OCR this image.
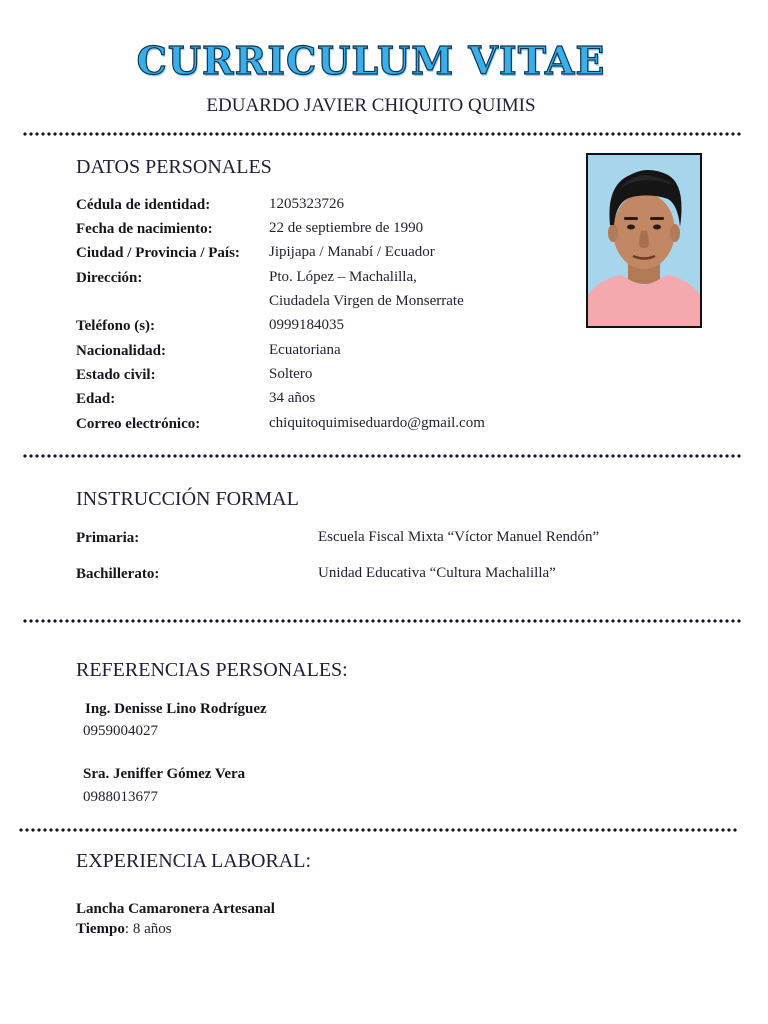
CURRICULUM VITAE
EDUARDO JAVIER CHIQUITO QUIMIS
DATOS PERSONALES
Cédula de identidad:	1205323726
Fecha de nacimiento:	22 de septiembre de 1990
Ciudad / Provincia / País: Jipijapa / Manabí / Ecuador
Dirección:	Pto. López – Machalilla,
Ciudadela Virgen de Monserrate
Teléfono (s):	0999184035
Nacionalidad:	Ecuatoriana
Estado civil:	Soltero
Edad:	34 años
Correo electrónico:	chiquitoquimiseduardo@gmail.com
INSTRUCCIÓN FORMAL
Primaria:	Escuela Fiscal Mixta “Víctor Manuel Rendón”
Bachillerato:	Unidad Educativa “Cultura Machalilla”
REFERENCIAS PERSONALES:
Ing. Denisse Lino Rodríguez
0959004027
Sra. Jeniffer Gómez Vera
0988013677
EXPERIENCIA LABORAL:
Lancha Camaronera Artesanal
Tiempo: 8 años
